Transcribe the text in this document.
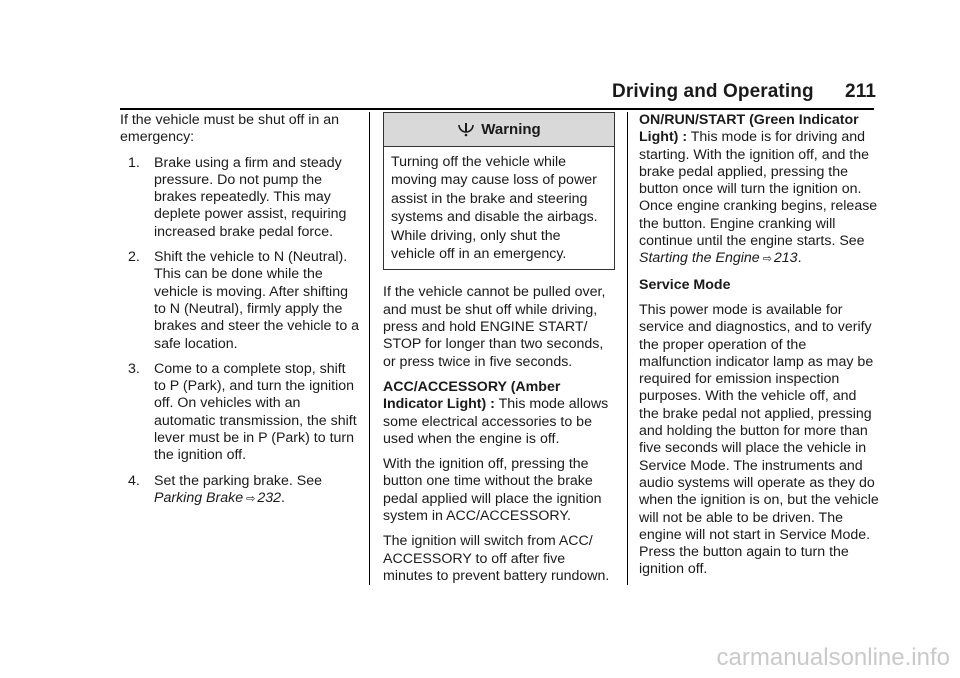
Driving and Operating 211

If the vehicle must be shut off in an emergency:

1. Brake using a firm and steady pressure. Do not pump the brakes repeatedly. This may deplete power assist, requiring increased brake pedal force.
2. Shift the vehicle to N (Neutral). This can be done while the vehicle is moving. After shifting to N (Neutral), firmly apply the brakes and steer the vehicle to a safe location.
3. Come to a complete stop, shift to P (Park), and turn the ignition off. On vehicles with an automatic transmission, the shift lever must be in P (Park) to turn the ignition off.
4. Set the parking brake. See
Parking Brake ⇨ 232.
Warning
Turning off the vehicle while moving may cause loss of power assist in the brake and steering systems and disable the airbags. While driving, only shut the vehicle off in an emergency.

If the vehicle cannot be pulled over, and must be shut off while driving, press and hold ENGINE START/ STOP for longer than two seconds, or press twice in five seconds.

ACC/ACCESSORY (Amber Indicator Light) : This mode allows some electrical accessories to be used when the engine is off.

With the ignition off, pressing the button one time without the brake pedal applied will place the ignition system in ACC/ACCESSORY.

The ignition will switch from ACC/ ACCESSORY to off after five minutes to prevent battery rundown.

ON/RUN/START (Green Indicator Light) : This mode is for driving and starting. With the ignition off, and the brake pedal applied, pressing the button once will turn the ignition on. Once engine cranking begins, release the button. Engine cranking will continue until the engine starts. See Starting the Engine ⇨ 213.

Service Mode

This power mode is available for service and diagnostics, and to verify the proper operation of the malfunction indicator lamp as may be required for emission inspection purposes. With the vehicle off, and the brake pedal not applied, pressing and holding the button for more than five seconds will place the vehicle in Service Mode. The instruments and audio systems will operate as they do when the ignition is on, but the vehicle will not be able to be driven. The engine will not start in Service Mode. Press the button again to turn the ignition off.

carmanualsonline.info
